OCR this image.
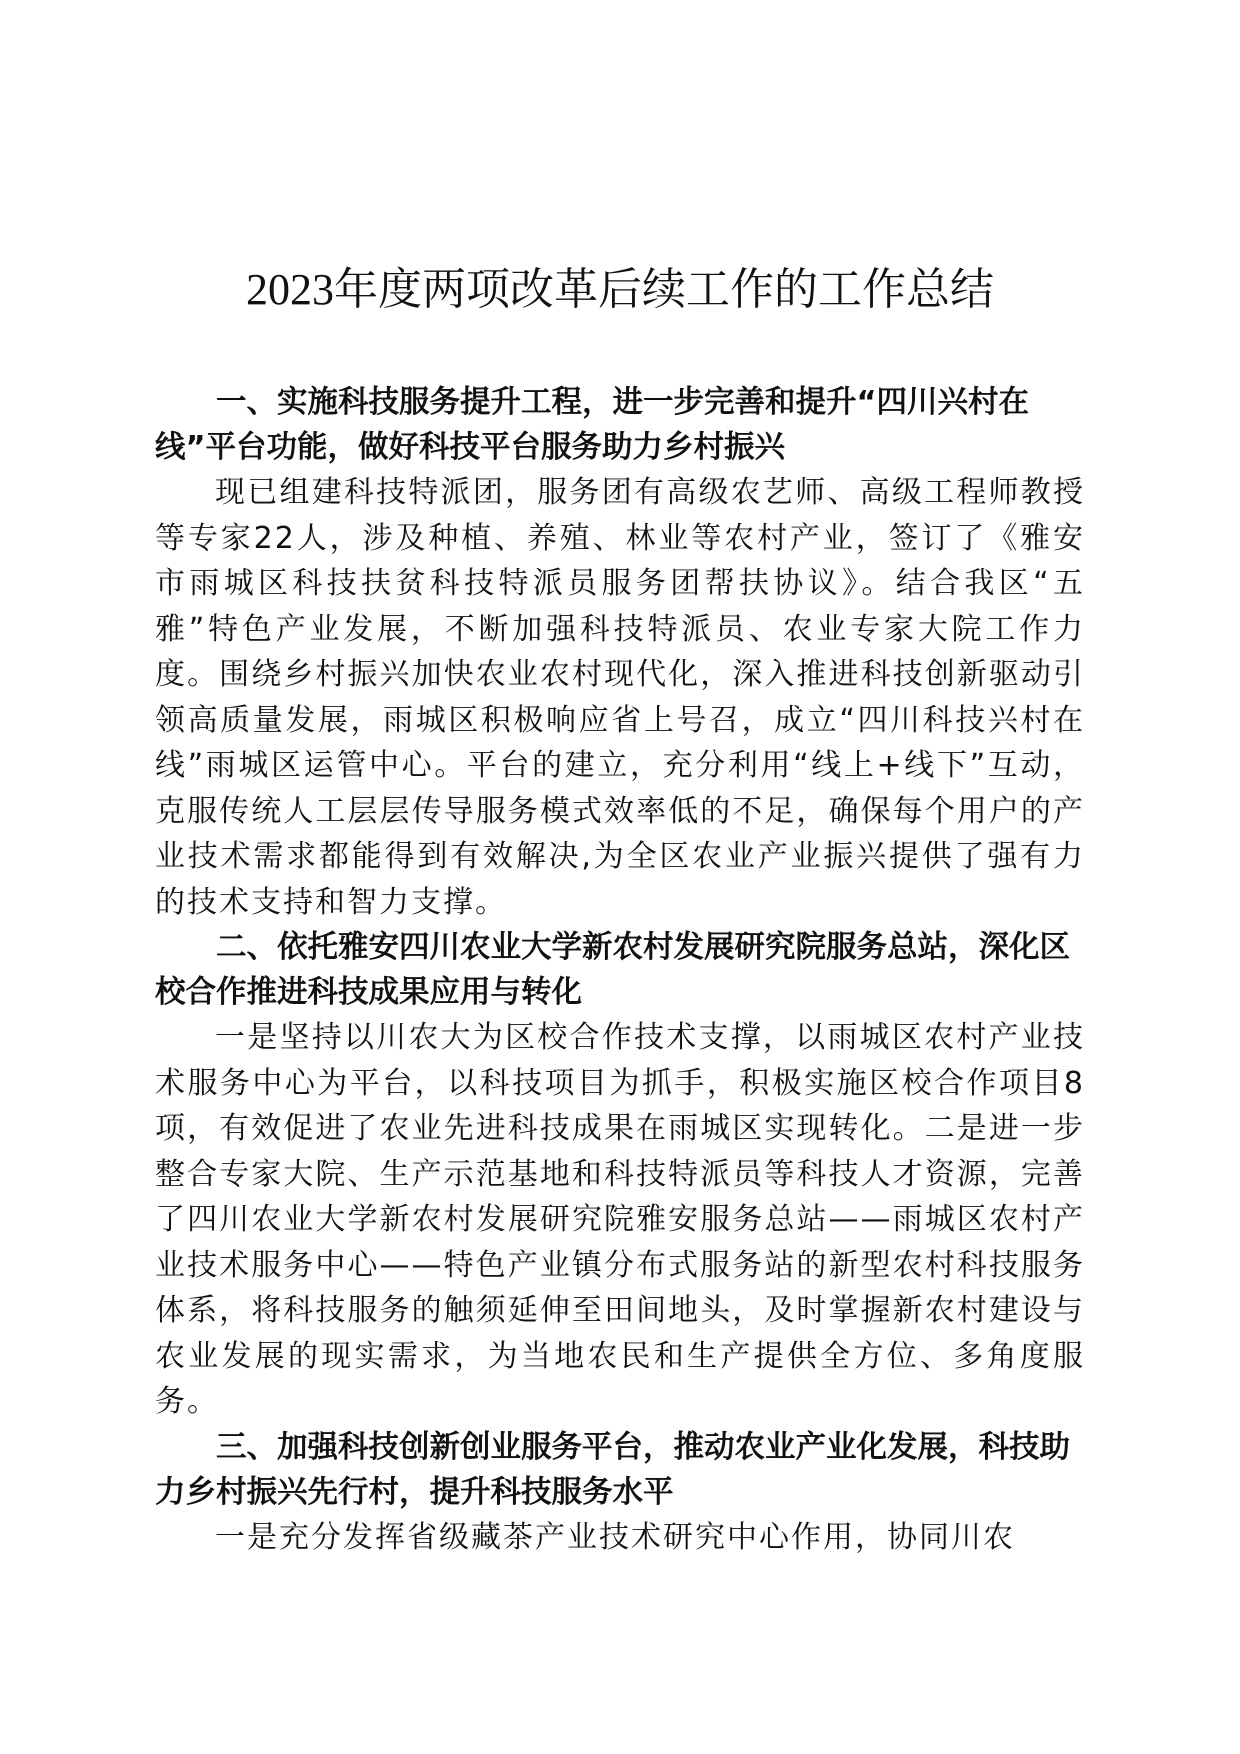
2023年度两项改革后续工作的工作总结

一、实施科技服务提升工程，进一步完善和提升“四川兴村在线”平台功能，做好科技平台服务助力乡村振兴

现已组建科技特派团，服务团有高级农艺师、高级工程师教授等专家22人，涉及种植、养殖、林业等农村产业，签订了《雅安市雨城区科技扶贫科技特派员服务团帮扶协议》。结合我区“五雅”特色产业发展，不断加强科技特派员、农业专家大院工作力度。围绕乡村振兴加快农业农村现代化，深入推进科技创新驱动引领高质量发展，雨城区积极响应省上号召，成立“四川科技兴村在线”雨城区运管中心。平台的建立，充分利用“线上+线下”互动，克服传统人工层层传导服务模式效率低的不足，确保每个用户的产业技术需求都能得到有效解决,为全区农业产业振兴提供了强有力的技术支持和智力支撑。

二、依托雅安四川农业大学新农村发展研究院服务总站，深化区校合作推进科技成果应用与转化

一是坚持以川农大为区校合作技术支撑，以雨城区农村产业技术服务中心为平台，以科技项目为抓手，积极实施区校合作项目8项，有效促进了农业先进科技成果在雨城区实现转化。二是进一步整合专家大院、生产示范基地和科技特派员等科技人才资源，完善了四川农业大学新农村发展研究院雅安服务总站——雨城区农村产业技术服务中心——特色产业镇分布式服务站的新型农村科技服务体系，将科技服务的触须延伸至田间地头，及时掌握新农村建设与农业发展的现实需求，为当地农民和生产提供全方位、多角度服务。

三、加强科技创新创业服务平台，推动农业产业化发展，科技助力乡村振兴先行村，提升科技服务水平

一是充分发挥省级藏茶产业技术研究中心作用，协同川农
